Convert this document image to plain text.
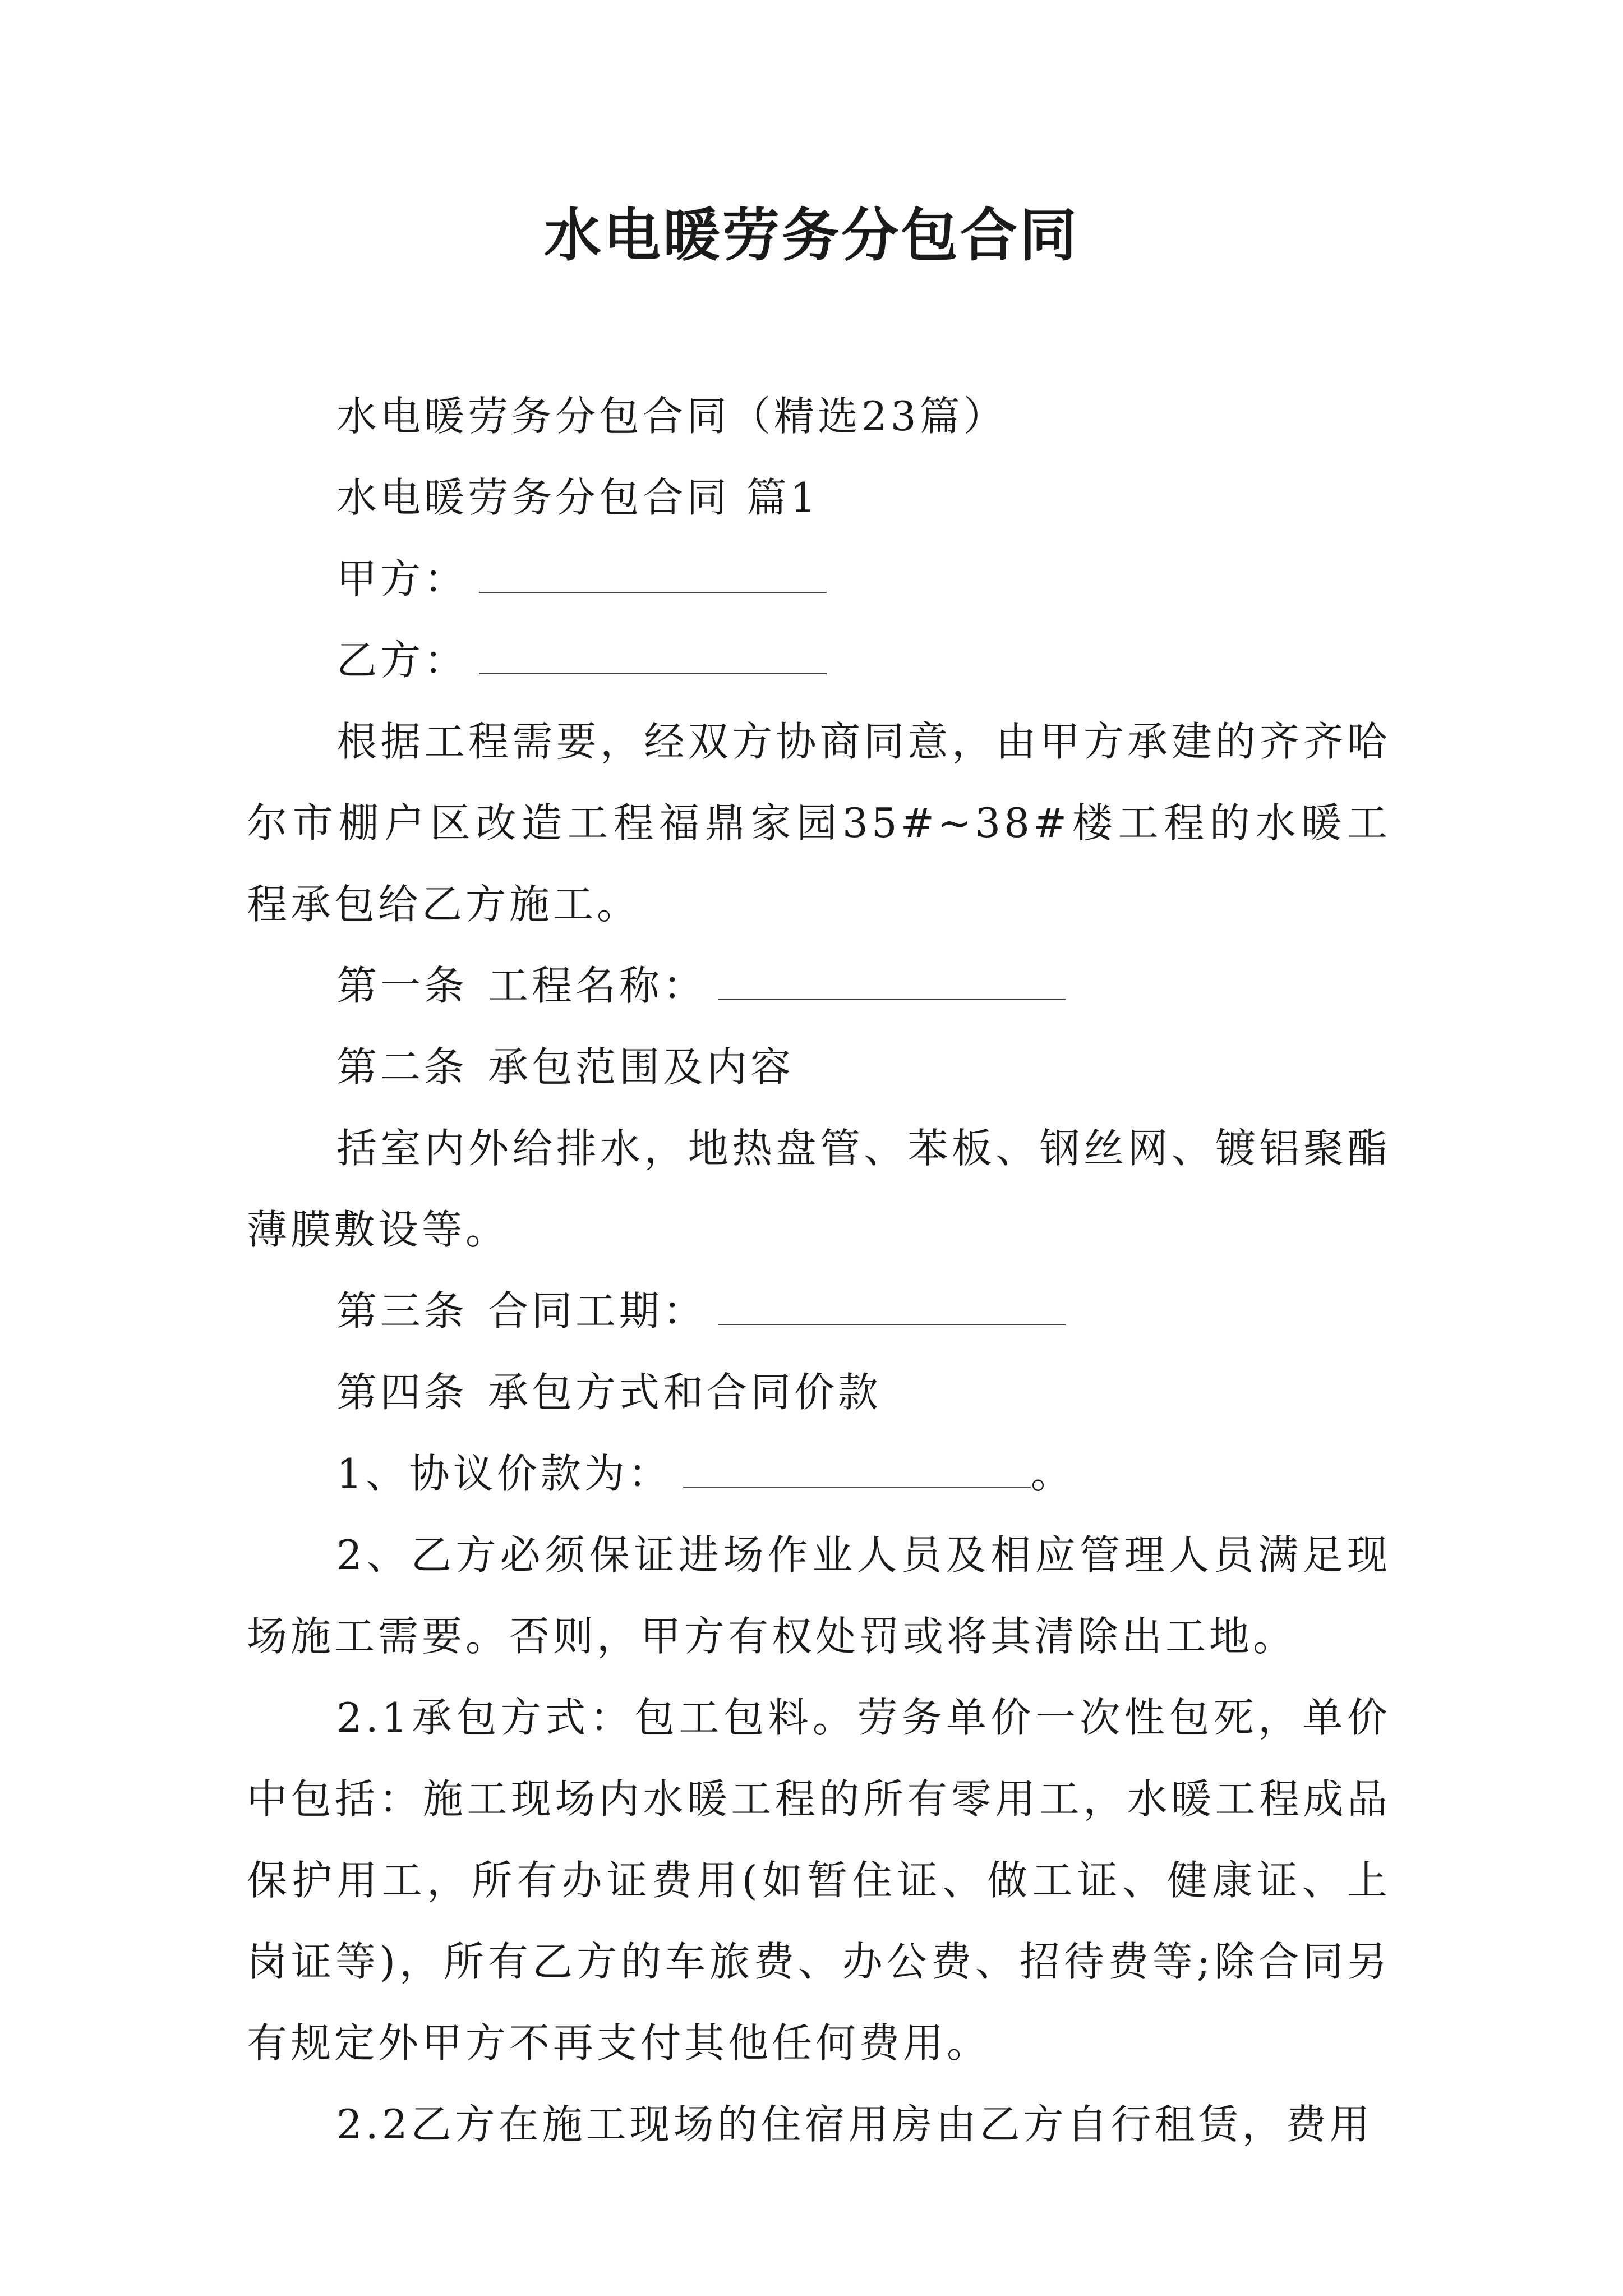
水电暖劳务分包合同

水电暖劳务分包合同（精选23篇）

水电暖劳务分包合同 篇1

甲方：

乙方：

根据工程需要，经双方协商同意，由甲方承建的齐齐哈尔市棚户区改造工程福鼎家园35#~38#楼工程的水暖工程承包给乙方施工。

第一条 工程名称：

第二条 承包范围及内容

括室内外给排水，地热盘管、苯板、钢丝网、镀铝聚酯薄膜敷设等。

第三条 合同工期：

第四条 承包方式和合同价款

1、协议价款为：	。

2、乙方必须保证进场作业人员及相应管理人员满足现场施工需要。否则，甲方有权处罚或将其清除出工地。

2.1承包方式：包工包料。劳务单价一次性包死，单价中包括：施工现场内水暖工程的所有零用工，水暖工程成品保护用工，所有办证费用(如暂住证、做工证、健康证、上岗证等)，所有乙方的车旅费、办公费、招待费等;除合同另有规定外甲方不再支付其他任何费用。

2.2乙方在施工现场的住宿用房由乙方自行租赁，费用
